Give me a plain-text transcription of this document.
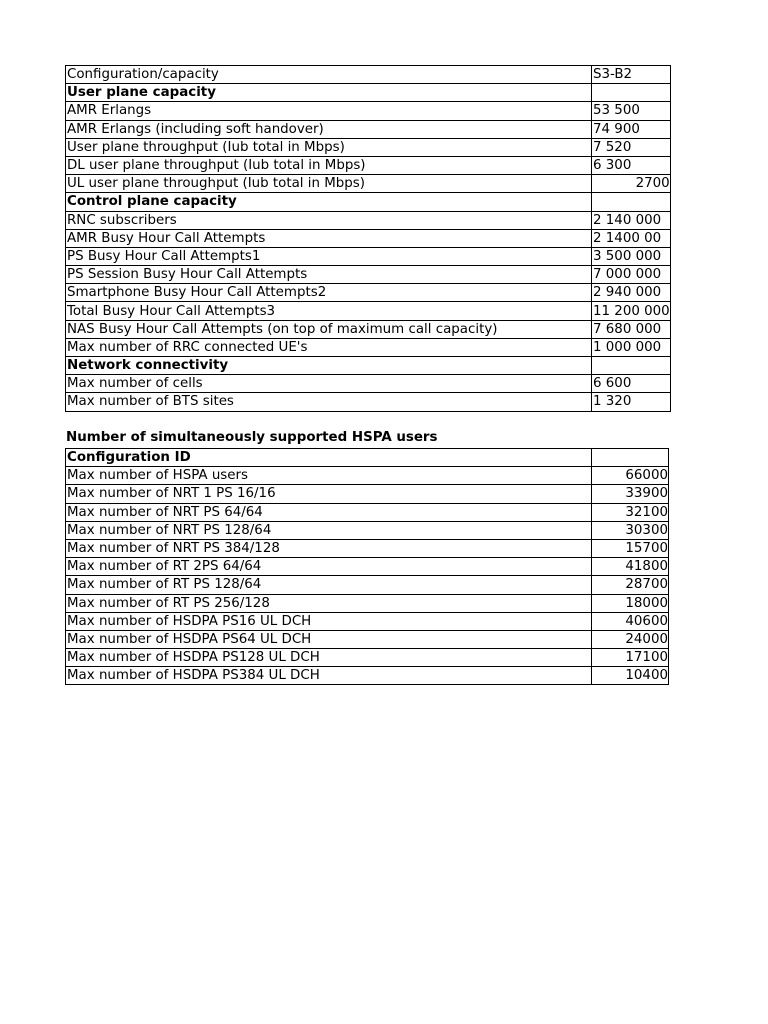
Configuration/capacity	S3-B2
User plane capacity	
AMR Erlangs	53 500
AMR Erlangs (including soft handover)	74 900
User plane throughput (Iub total in Mbps)	7 520
DL user plane throughput (Iub total in Mbps)	6 300
UL user plane throughput (Iub total in Mbps)	2700
Control plane capacity	
RNC subscribers	2 140 000
AMR Busy Hour Call Attempts	2 1400 00
PS Busy Hour Call Attempts1	3 500 000
PS Session Busy Hour Call Attempts	7 000 000
Smartphone Busy Hour Call Attempts2	2 940 000
Total Busy Hour Call Attempts3	11 200 000
NAS Busy Hour Call Attempts (on top of maximum call capacity)	7 680 000
Max number of RRC connected UE's	1 000 000
Network connectivity	
Max number of cells	6 600
Max number of BTS sites	1 320
Number of simultaneously supported HSPA users
Configuration ID	
Max number of HSPA users	66000
Max number of NRT 1 PS 16/16	33900
Max number of NRT PS 64/64	32100
Max number of NRT PS 128/64	30300
Max number of NRT PS 384/128	15700
Max number of RT 2PS 64/64	41800
Max number of RT PS 128/64	28700
Max number of RT PS 256/128	18000
Max number of HSDPA PS16 UL DCH	40600
Max number of HSDPA PS64 UL DCH	24000
Max number of HSDPA PS128 UL DCH	17100
Max number of HSDPA PS384 UL DCH	10400
